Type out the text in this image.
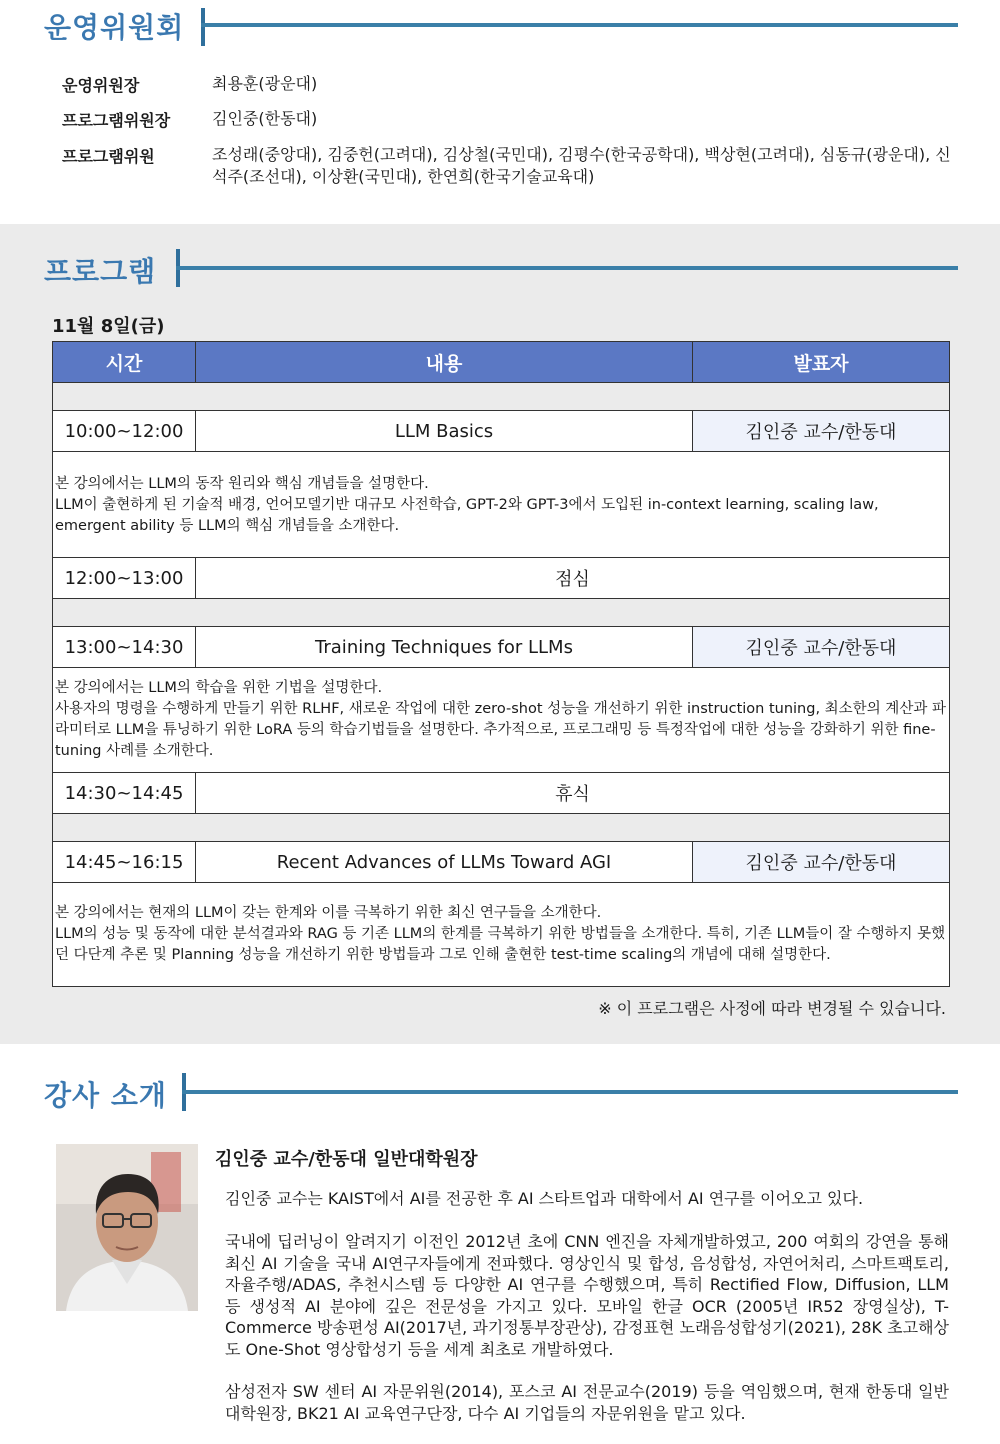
운영위원회
운영위원장	최용훈(광운대)
프로그램위원장	김인중(한동대)
프로그램위원	조성래(중앙대), 김중헌(고려대), 김상철(국민대), 김평수(한국공학대), 백상현(고려대), 심동규(광운대), 신석주(조선대), 이상환(국민대), 한연희(한국기술교육대)
프로그램
11월 8일(금)
시간	내용	발표자

10:00~12:00	LLM Basics	김인중 교수/한동대

본 강의에서는 LLM의 동작 원리와 핵심 개념들을 설명한다.
LLM이 출현하게 된 기술적 배경, 언어모델기반 대규모 사전학습, GPT-2와 GPT-3에서 도입된 in-context learning, scaling law, emergent ability 등 LLM의 핵심 개념들을 소개한다.		

12:00~13:00	점심	

13:00~14:30	Training Techniques for LLMs	김인중 교수/한동대

본 강의에서는 LLM의 학습을 위한 기법을 설명한다.
사용자의 명령을 수행하게 만들기 위한 RLHF, 새로운 작업에 대한 zero-shot 성능을 개선하기 위한 instruction tuning, 최소한의 계산과 파라미터로 LLM을 튜닝하기 위한 LoRA 등의 학습기법들을 설명한다. 추가적으로, 프로그래밍 등 특정작업에 대한 성능을 강화하기 위한 fine-tuning 사례를 소개한다.		

14:30~14:45	휴식	

14:45~16:15	Recent Advances of LLMs Toward AGI	김인중 교수/한동대

본 강의에서는 현재의 LLM이 갖는 한계와 이를 극복하기 위한 최신 연구들을 소개한다.
LLM의 성능 및 동작에 대한 분석결과와 RAG 등 기존 LLM의 한계를 극복하기 위한 방법들을 소개한다. 특히, 기존 LLM들이 잘 수행하지 못했던 다단계 추론 및 Planning 성능을 개선하기 위한 방법들과 그로 인해 출현한 test-time scaling의 개념에 대해 설명한다.		
※ 이 프로그램은 사정에 따라 변경될 수 있습니다.
강사 소개
김인중 교수/한동대 일반대학원장
김인중 교수는 KAIST에서 AI를 전공한 후 AI 스타트업과 대학에서 AI 연구를 이어오고 있다.
국내에 딥러닝이 알려지기 이전인 2012년 초에 CNN 엔진을 자체개발하였고, 200 여회의 강연을 통해 최신 AI 기술을 국내 AI연구자들에게 전파했다. 영상인식 및 합성, 음성합성, 자연어처리, 스마트팩토리, 자율주행/ADAS, 추천시스템 등 다양한 AI 연구를 수행했으며, 특히 Rectified Flow, Diffusion, LLM 등 생성적 AI 분야에 깊은 전문성을 가지고 있다. 모바일 한글 OCR (2005년 IR52 장영실상), T-Commerce 방송편성 AI(2017년, 과기정통부장관상), 감정표현 노래음성합성기(2021), 28K 초고해상도 One-Shot 영상합성기 등을 세계 최초로 개발하였다.
삼성전자 SW 센터 AI 자문위원(2014), 포스코 AI 전문교수(2019) 등을 역임했으며, 현재 한동대 일반대학원장, BK21 AI 교육연구단장, 다수 AI 기업들의 자문위원을 맡고 있다.
